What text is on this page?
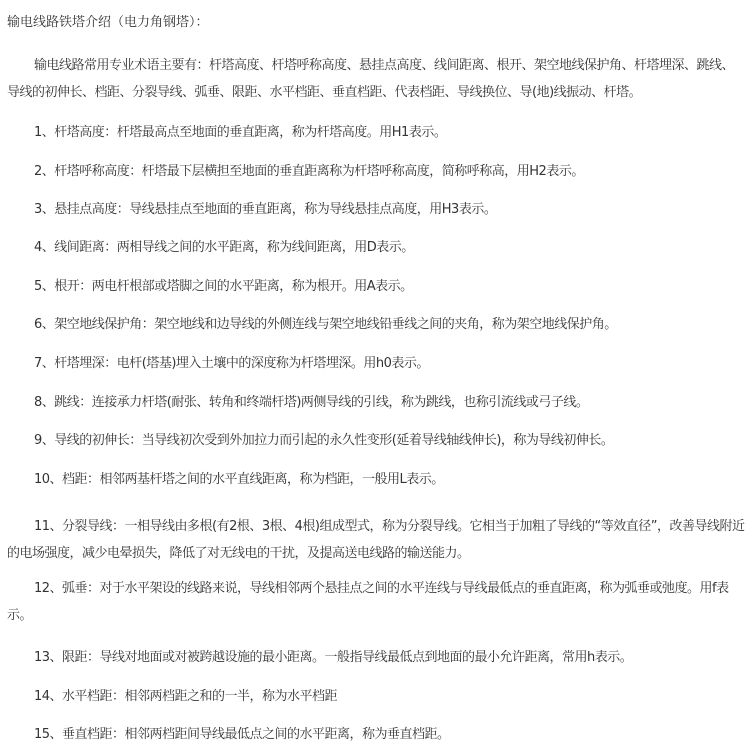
输电线路铁塔介绍（电力角钢塔）：
输电线路常用专业术语主要有：杆塔高度、杆塔呼称高度、悬挂点高度、线间距离、根开、架空地线保护角、杆塔埋深、跳线、导线的初伸长、档距、分裂导线、弧垂、限距、水平档距、垂直档距、代表档距、导线换位、导(地)线振动、杆塔。
1、杆塔高度：杆塔最高点至地面的垂直距离，称为杆塔高度。用H1表示。
2、杆塔呼称高度：杆塔最下层横担至地面的垂直距离称为杆塔呼称高度，简称呼称高，用H2表示。
3、悬挂点高度：导线悬挂点至地面的垂直距离，称为导线悬挂点高度，用H3表示。
4、线间距离：两相导线之间的水平距离，称为线间距离，用D表示。
5、根开：两电杆根部或塔脚之间的水平距离，称为根开。用A表示。
6、架空地线保护角：架空地线和边导线的外侧连线与架空地线铅垂线之间的夹角，称为架空地线保护角。
7、杆塔埋深：电杆(塔基)埋入土壤中的深度称为杆塔埋深。用h0表示。
8、跳线：连接承力杆塔(耐张、转角和终端杆塔)两侧导线的引线，称为跳线，也称引流线或弓子线。
9、导线的初伸长：当导线初次受到外加拉力而引起的永久性变形(延着导线轴线伸长)，称为导线初伸长。
10、档距：相邻两基杆塔之间的水平直线距离，称为档距，一般用L表示。
11、分裂导线：一相导线由多根(有2根、3根、4根)组成型式，称为分裂导线。它相当于加粗了导线的“等效直径”，改善导线附近的电场强度，减少电晕损失，降低了对无线电的干扰，及提高送电线路的输送能力。
12、弧垂：对于水平架设的线路来说，导线相邻两个悬挂点之间的水平连线与导线最低点的垂直距离，称为弧垂或弛度。用f表示。
13、限距：导线对地面或对被跨越设施的最小距离。一般指导线最低点到地面的最小允许距离，常用h表示。
14、水平档距：相邻两档距之和的一半，称为水平档距
15、垂直档距：相邻两档距间导线最低点之间的水平距离，称为垂直档距。
